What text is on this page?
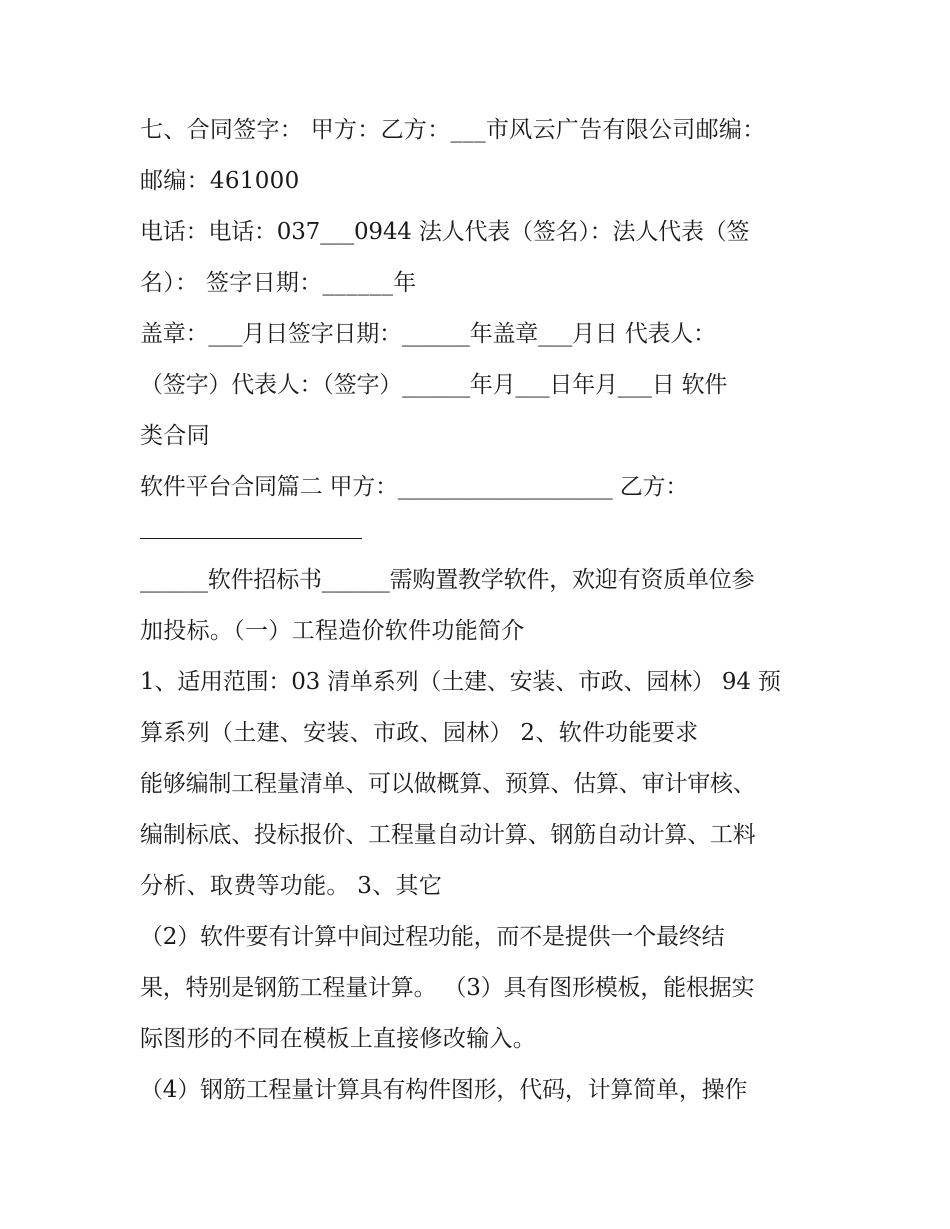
七、合同签字： 甲方：乙方：___市风云广告有限公司邮编：
邮编：461000
电话：电话：037___0944 法人代表（签名）：法人代表（签
名）： 签字日期：______年
盖章：___月日签字日期：______年盖章___月日 代表人：
（签字）代表人：（签字）______年月___日年月___日 软件
类合同
软件平台合同篇二 甲方：___________________ 乙方：
______软件招标书______需购置教学软件，欢迎有资质单位参
加投标。（一）工程造价软件功能简介
1、适用范围：03 清单系列（土建、安装、市政、园林） 94 预
算系列（土建、安装、市政、园林） 2、软件功能要求
能够编制工程量清单、可以做概算、预算、估算、审计审核、
编制标底、投标报价、工程量自动计算、钢筋自动计算、工料
分析、取费等功能。 3、其它
（2）软件要有计算中间过程功能，而不是提供一个最终结
果，特别是钢筋工程量计算。 （3）具有图形模板，能根据实
际图形的不同在模板上直接修改输入。
（4）钢筋工程量计算具有构件图形，代码，计算简单，操作
